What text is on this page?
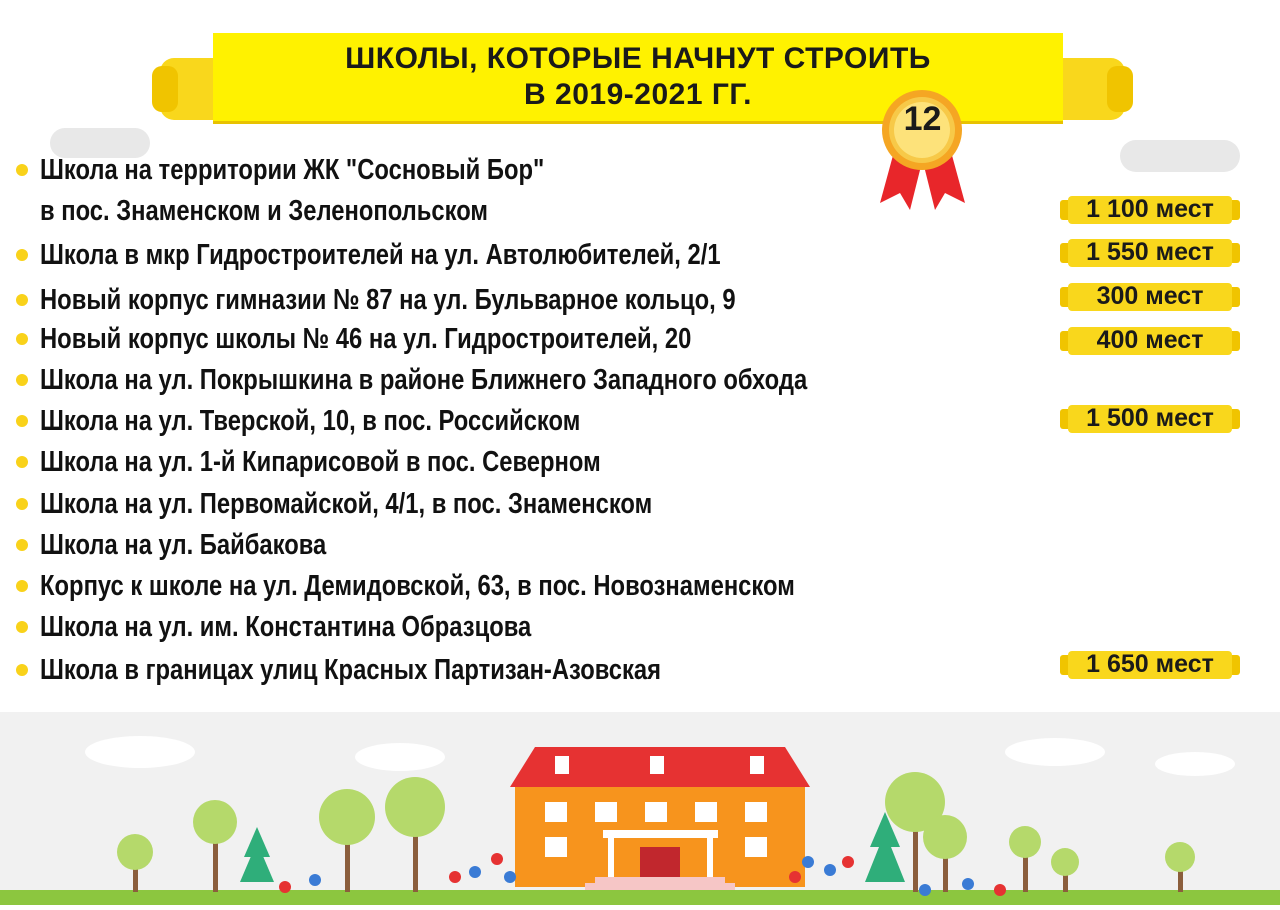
ШКОЛЫ, КОТОРЫЕ НАЧНУТ СТРОИТЬ
В 2019-2021 ГГ.
12
Школа на территории ЖК "Сосновый Бор"
в пос. Знаменском и Зеленопольском	1 100 мест
Школа в мкр Гидростроителей на ул. Автолюбителей, 2/1	1 550 мест
Новый корпус гимназии № 87 на ул. Бульварное кольцо, 9	300 мест
Новый корпус школы № 46 на ул. Гидростроителей, 20	400 мест
Школа на ул. Покрышкина в районе Ближнего Западного обхода
Школа на ул. Тверской, 10, в пос. Российском	1 500 мест
Школа на ул. 1-й Кипарисовой в пос. Северном
Школа на ул. Первомайской, 4/1, в пос. Знаменском
Школа на ул. Байбакова
Корпус к школе на ул. Демидовской, 63, в пос. Новознаменском
Школа на ул. им. Константина Образцова
Школа в границах улиц Красных Партизан-Азовская	1 650 мест
